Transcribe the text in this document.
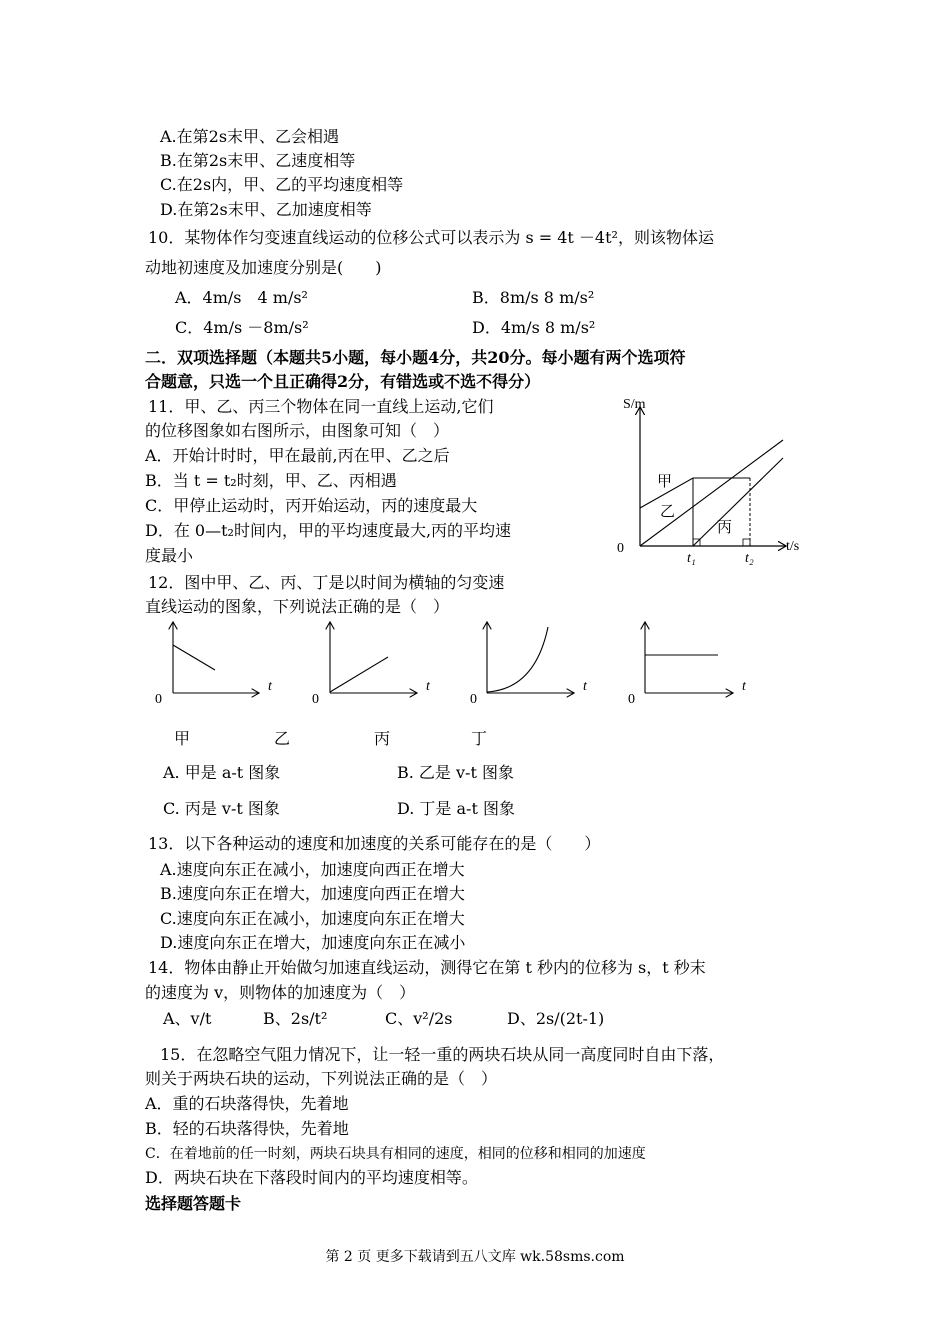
A.在第2s末甲、乙会相遇
B.在第2s末甲、乙速度相等
C.在2s内，甲、乙的平均速度相等
D.在第2s末甲、乙加速度相等
10．某物体作匀变速直线运动的位移公式可以表示为 s = 4t －4t²，则该物体运
动地初速度及加速度分别是(　　)
A．4m/s　4 m/s²	B．8m/s 8 m/s²
C．4m/s －8m/s²	D．4m/s 8 m/s²
二．双项选择题（本题共5小题，每小题4分，共20分。每小题有两个选项符
合题意，只选一个且正确得2分，有错选或不选不得分）
11．甲、乙、丙三个物体在同一直线上运动,它们
的位移图象如右图所示，由图象可知（　）
A．开始计时时，甲在最前,丙在甲、乙之后
B．当 t = t₂时刻，甲、乙、丙相遇
C．甲停止运动时，丙开始运动，丙的速度最大
D．在 0—t₂时间内，甲的平均速度最大,丙的平均速
度最小
S/m
t/s
0
甲
乙
丙
t₁	t₂
12．图中甲、乙、丙、丁是以时间为横轴的匀变速
直线运动的图象，下列说法正确的是（　）
t
0
t
0
t
0
t
0
甲	乙	丙	丁
A. 甲是 a-t 图象	B. 乙是 v-t 图象
C. 丙是 v-t 图象	D. 丁是 a-t 图象
13．以下各种运动的速度和加速度的关系可能存在的是（　　）
A.速度向东正在减小，加速度向西正在增大
B.速度向东正在增大，加速度向西正在增大
C.速度向东正在减小，加速度向东正在增大
D.速度向东正在增大，加速度向东正在减小
14．物体由静止开始做匀加速直线运动，测得它在第 t 秒内的位移为 s，t 秒末
的速度为 v，则物体的加速度为（　）
A、v/t	B、2s/t²	C、v²/2s	D、2s/(2t-1)
15．在忽略空气阻力情况下，让一轻一重的两块石块从同一高度同时自由下落，
则关于两块石块的运动，下列说法正确的是（　）
A．重的石块落得快，先着地
B．轻的石块落得快，先着地
C．在着地前的任一时刻，两块石块具有相同的速度，相同的位移和相同的加速度
D．两块石块在下落段时间内的平均速度相等。
选择题答题卡
第 2 页 更多下载请到五八文库 wk.58sms.com
